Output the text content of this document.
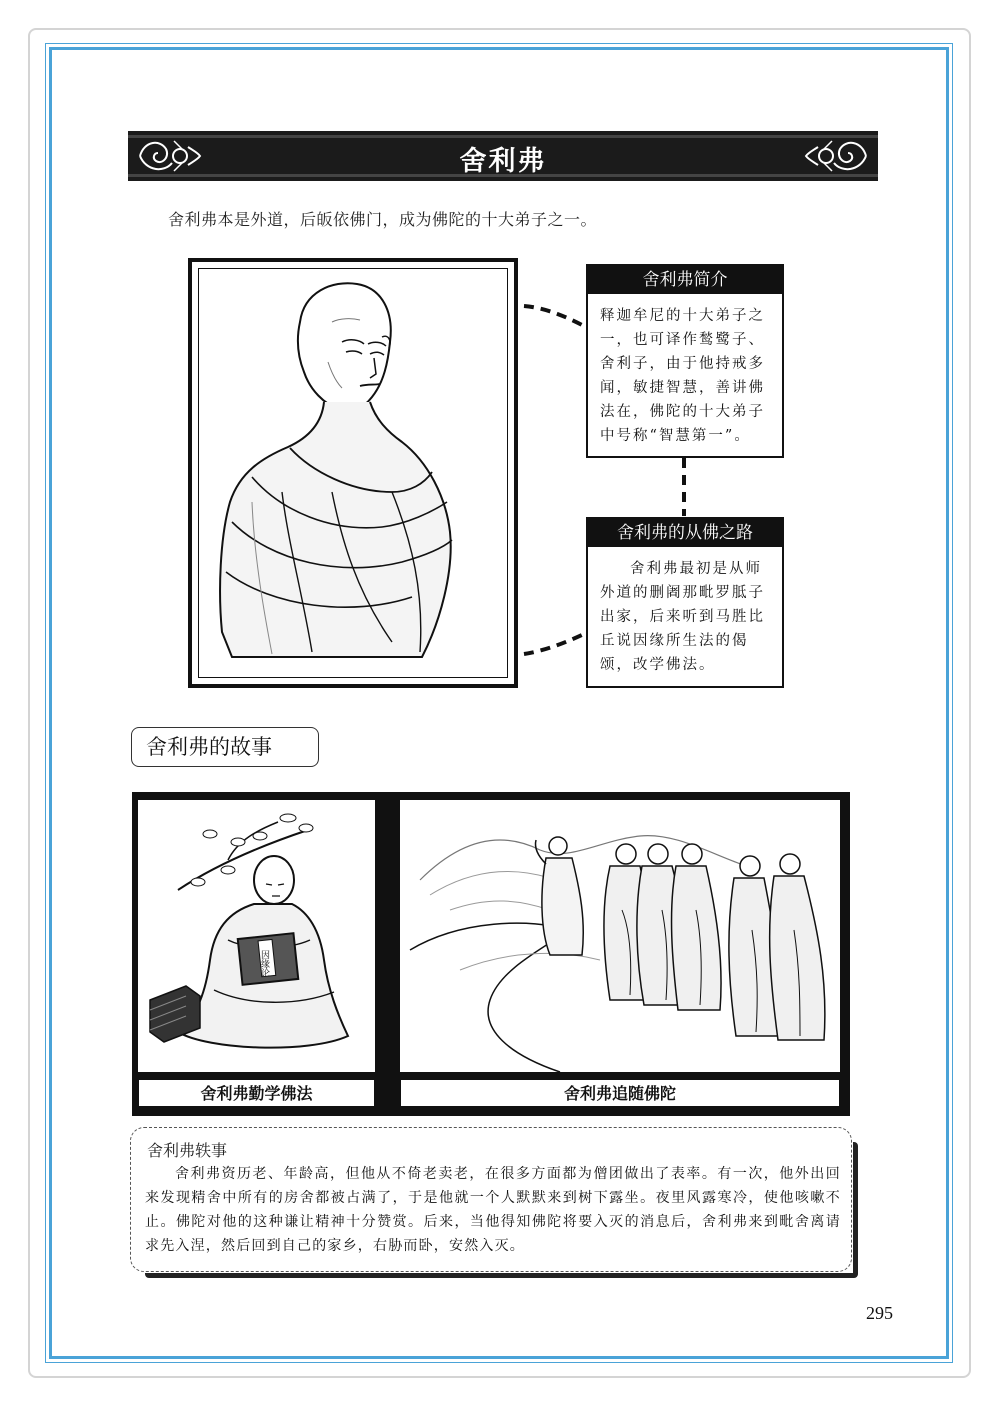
舍利弗
舍利弗本是外道，后皈依佛门，成为佛陀的十大弟子之一。
舍利弗简介
释迦牟尼的十大弟子之一，也可译作鹙鹭子、舍利子，由于他持戒多闻，敏捷智慧，善讲佛法在，佛陀的十大弟子中号称“智慧第一”。
舍利弗的从佛之路
舍利弗最初是从师外道的删阇那毗罗胝子出家，后来听到马胜比丘说因缘所生法的偈颂，改学佛法。
舍利弗的故事
因缘论
舍利弗勤学佛法	舍利弗追随佛陀
舍利弗轶事
舍利弗资历老、年龄高，但他从不倚老卖老，在很多方面都为僧团做出了表率。有一次，他外出回来发现精舍中所有的房舍都被占满了，于是他就一个人默默来到树下露坐。夜里风露寒冷，使他咳嗽不止。佛陀对他的这种谦让精神十分赞赏。后来，当他得知佛陀将要入灭的消息后，舍利弗来到毗舍离请求先入涅，然后回到自己的家乡，右胁而卧，安然入灭。
295
